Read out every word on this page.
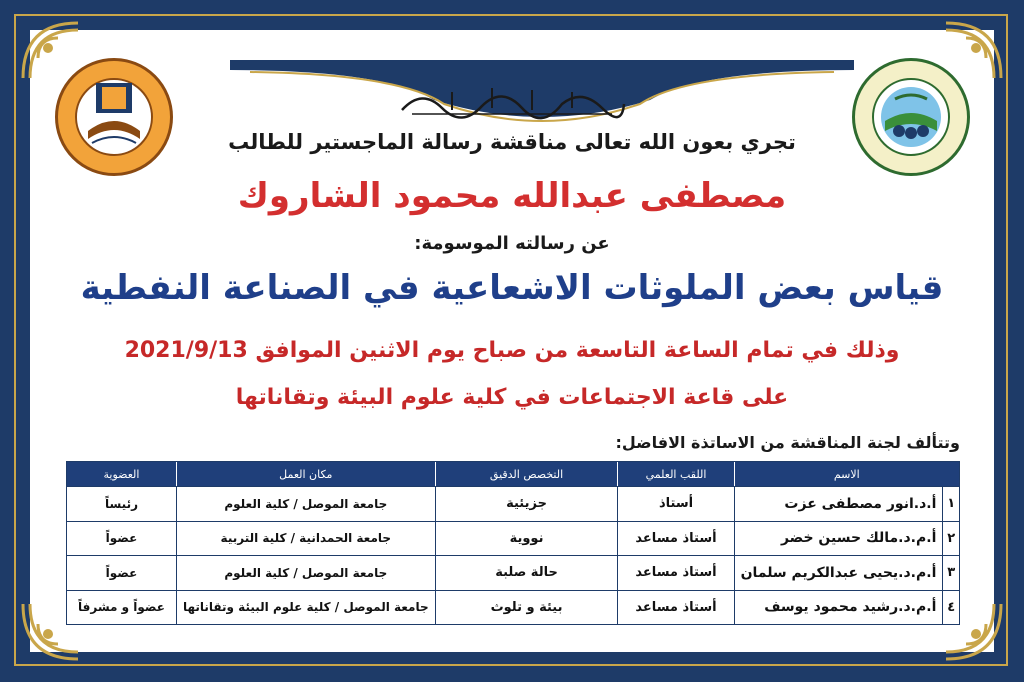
تجري بعون الله تعالى مناقشة رسالة الماجستير للطالب
مصطفى عبدالله محمود الشاروك
عن رسالته الموسومة:
قياس بعض الملوثات الاشعاعية في الصناعة النفطية
وذلك في تمام الساعة التاسعة من صباح يوم الاثنين الموافق 2021/9/13
على قاعة الاجتماعات في كلية علوم البيئة وتقاناتها
وتتألف لجنة المناقشة من الاساتذة الافاضل:
الاسم		اللقب العلمي	التخصص الدقيق	مكان العمل	العضوية
١	أ.د.انور مصطفى عزت	أستاذ	جزيئية	جامعة الموصل / كلية العلوم	رئيساً
٢	أ.م.د.مالك حسين خضر	أستاذ مساعد	نووية	جامعة الحمدانية / كلية التربية	عضواً
٣	أ.م.د.يحيى عبدالكريم سلمان	أستاذ مساعد	حالة صلبة	جامعة الموصل / كلية العلوم	عضواً
٤	أ.م.د.رشيد محمود يوسف	أستاذ مساعد	بيئة و تلوث	جامعة الموصل / كلية علوم البيئة وتقاناتها	عضواً و مشرفاً
